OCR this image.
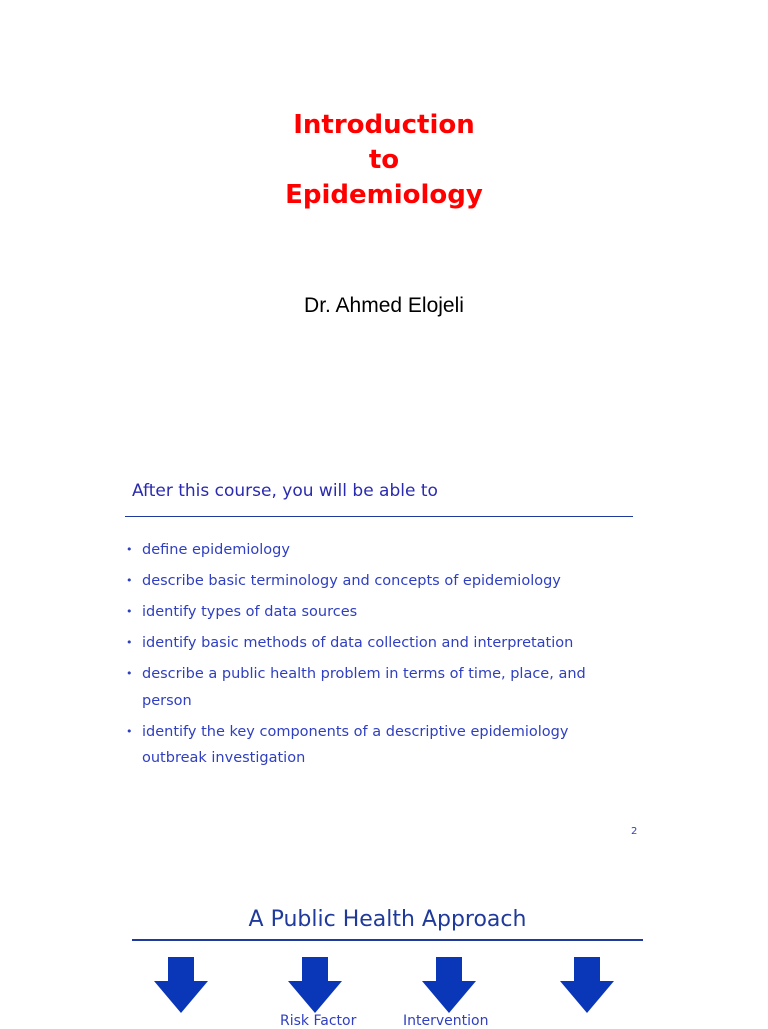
Introduction
to
Epidemiology
Dr. Ahmed Elojeli
After this course, you will be able to
• define epidemiology
• describe basic terminology and concepts of epidemiology
• identify types of data sources
• identify basic methods of data collection and interpretation
• describe a public health problem in terms of time, place, and person
• identify the key components of a descriptive epidemiology outbreak investigation
2
A Public Health Approach
Risk Factor	Intervention
